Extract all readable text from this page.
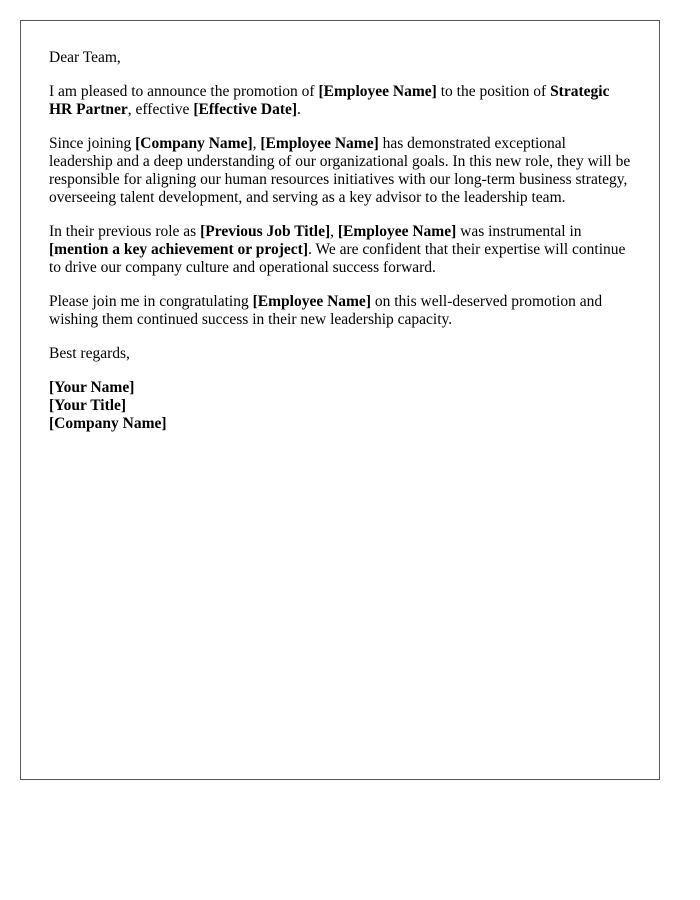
Dear Team,

I am pleased to announce the promotion of [Employee Name] to the position of Strategic HR Partner, effective [Effective Date].

Since joining [Company Name], [Employee Name] has demonstrated exceptional leadership and a deep understanding of our organizational goals. In this new role, they will be responsible for aligning our human resources initiatives with our long-term business strategy, overseeing talent development, and serving as a key advisor to the leadership team.

In their previous role as [Previous Job Title], [Employee Name] was instrumental in [mention a key achievement or project]. We are confident that their expertise will continue to drive our company culture and operational success forward.

Please join me in congratulating [Employee Name] on this well-deserved promotion and wishing them continued success in their new leadership capacity.

Best regards,

[Your Name]
[Your Title]
[Company Name]
